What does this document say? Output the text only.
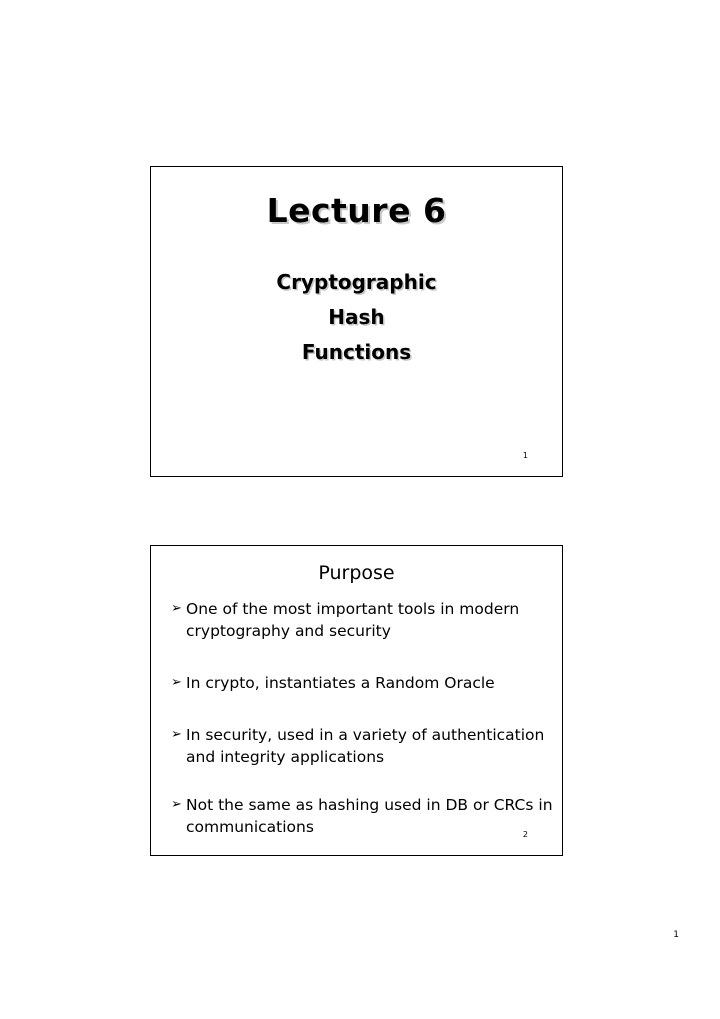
Lecture 6
Cryptographic
Hash
Functions
1
Purpose
➢ One of the most important tools in modern cryptography and security
➢ In crypto, instantiates a Random Oracle
➢ In security, used in a variety of authentication and integrity applications
➢ Not the same as hashing used in DB or CRCs in communications	2
1
